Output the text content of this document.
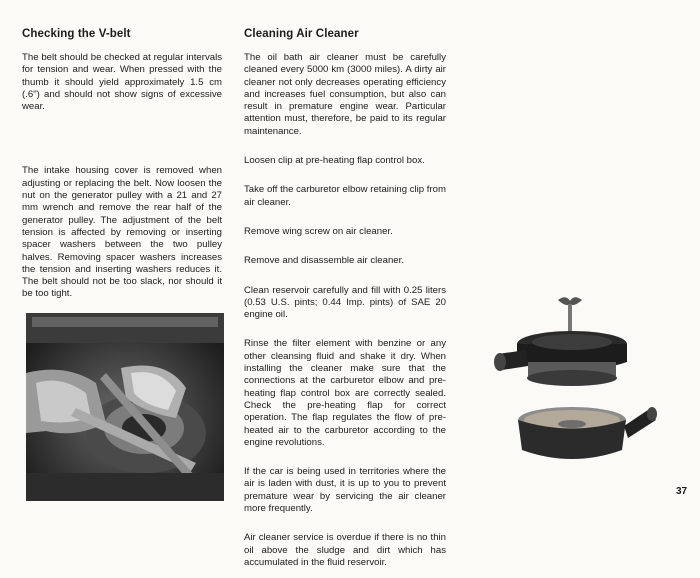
Checking the V-belt

The belt should be checked at regular intervals for tension and wear. When pressed with the thumb it should yield approximately 1.5 cm (.6") and should not show signs of excessive wear.

The intake housing cover is removed when adjusting or replacing the belt. Now loosen the nut on the generator pulley with a 21 and 27 mm wrench and remove the rear half of the generator pulley. The adjustment of the belt tension is affected by removing or inserting spacer washers between the two pulley halves. Removing spacer washers increases the tension and inserting washers reduces it. The belt should not be too slack, nor should it be too tight.

Cleaning Air Cleaner

The oil bath air cleaner must be carefully cleaned every 5000 km (3000 miles). A dirty air cleaner not only decreases operating efficiency and increases fuel consumption, but also can result in premature engine wear. Particular attention must, therefore, be paid to its regular maintenance.

Loosen clip at pre-heating flap control box.

Take off the carburetor elbow retaining clip from air cleaner.

Remove wing screw on air cleaner.

Remove and disassemble air cleaner.

Clean reservoir carefully and fill with 0.25 liters (0.53 U.S. pints; 0.44 Imp. pints) of SAE 20 engine oil.

Rinse the filter element with benzine or any other cleansing fluid and shake it dry. When installing the cleaner make sure that the connections at the carburetor elbow and pre-heating flap control box are correctly sealed. Check the pre-heating flap for correct operation. The flap regulates the flow of pre-heated air to the carburetor according to the engine revolutions.

If the car is being used in territories where the air is laden with dust, it is up to you to prevent premature wear by servicing the air cleaner more frequently.

Air cleaner service is overdue if there is no thin oil above the sludge and dirt which has accumulated in the fluid reservoir.

37
